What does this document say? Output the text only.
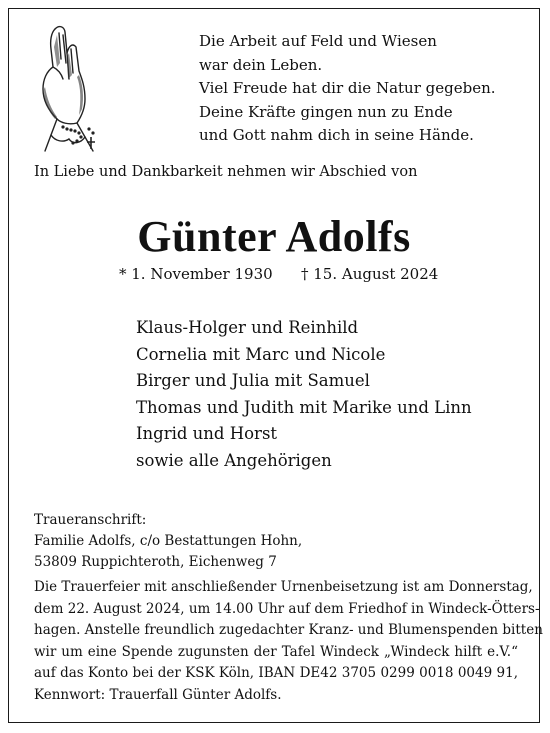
Die Arbeit auf Feld und Wiesen
war dein Leben.
Viel Freude hat dir die Natur gegeben.
Deine Kräfte gingen nun zu Ende
und Gott nahm dich in seine Hände.
In Liebe und Dankbarkeit nehmen wir Abschied von
Günter Adolfs
* 1. November 1930 † 15. August 2024
Klaus-Holger und Reinhild
Cornelia mit Marc und Nicole
Birger und Julia mit Samuel
Thomas und Judith mit Marike und Linn
Ingrid und Horst
sowie alle Angehörigen
Traueranschrift:
Familie Adolfs, c/o Bestattungen Hohn,
53809 Ruppichteroth, Eichenweg 7
Die Trauerfeier mit anschließender Urnenbeisetzung ist am Donnerstag,
dem 22. August 2024, um 14.00 Uhr auf dem Friedhof in Windeck-Ötters-
hagen. Anstelle freundlich zugedachter Kranz- und Blumenspenden bitten
wir um eine Spende zugunsten der Tafel Windeck „Windeck hilft e.V.“
auf das Konto bei der KSK Köln, IBAN DE42 3705 0299 0018 0049 91,
Kennwort: Trauerfall Günter Adolfs.
